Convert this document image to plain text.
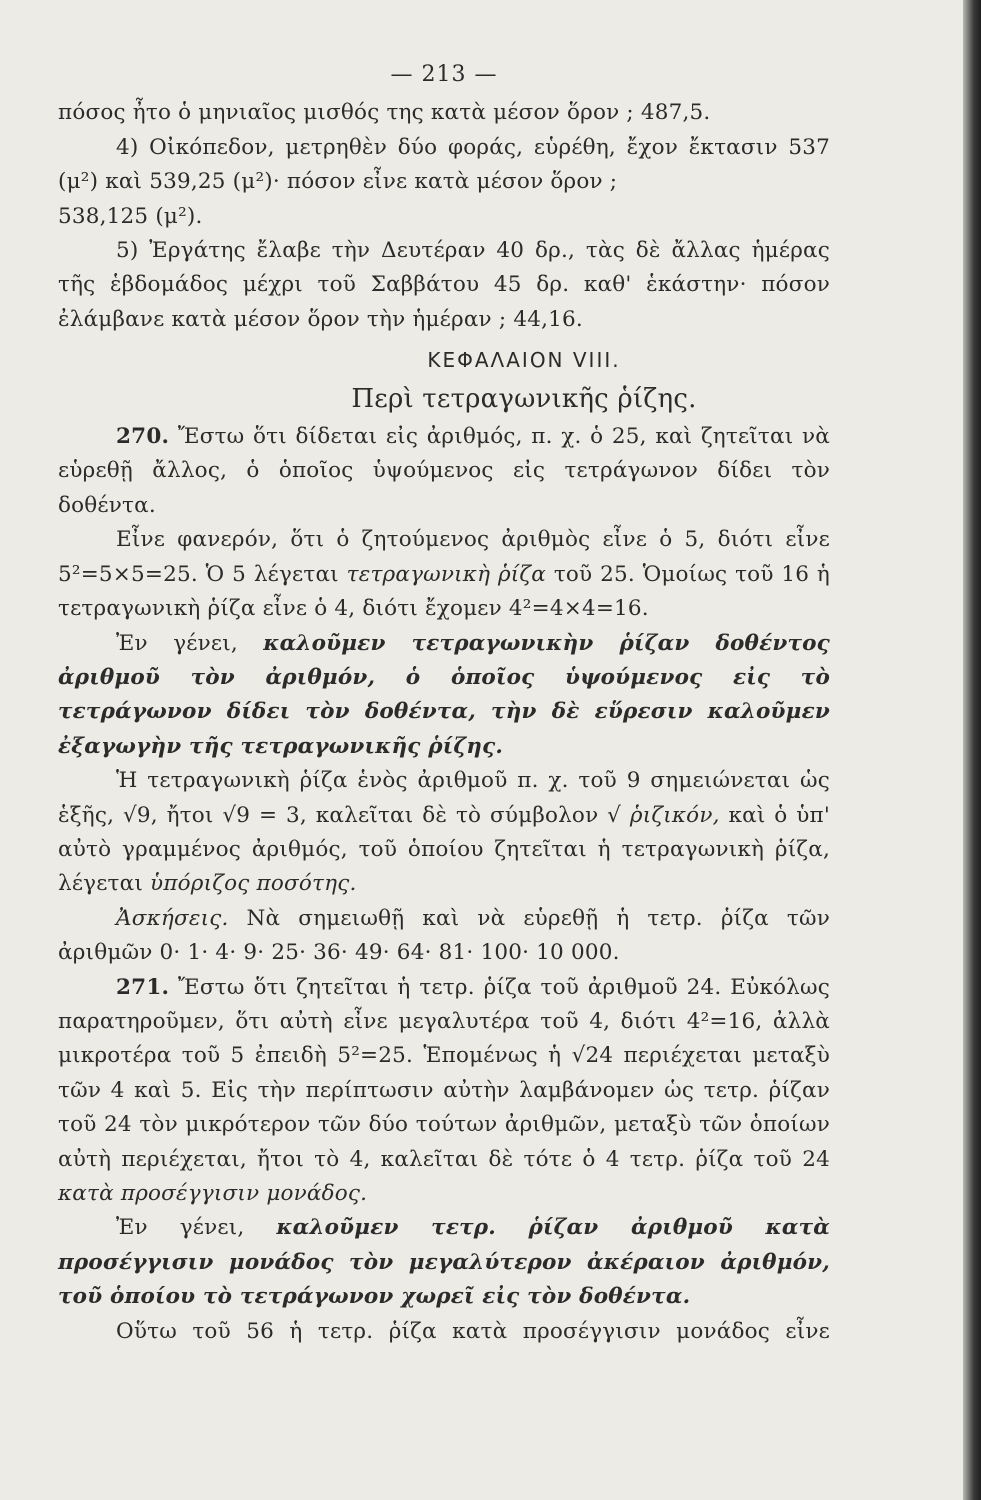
— 213 —

πόσος ἦτο ὁ μηνιαῖος μισθός της κατὰ μέσον ὅρον ; 487,5.

4) Οἰκόπεδον, μετρηθὲν δύο φοράς, εὑρέθη, ἔχον ἔκτασιν 537 (μ²) καὶ 539,25 (μ²)· πόσον εἶνε κατὰ μέσον ὅρον ;

538,125 (μ²).

5) Ἐργάτης ἔλαβε τὴν Δευτέραν 40 δρ., τὰς δὲ ἄλλας ἡμέρας τῆς ἑβδομάδος μέχρι τοῦ Σαββάτου 45 δρ. καθ' ἑκάστην· πόσον ἐλάμβανε κατὰ μέσον ὅρον τὴν ἡμέραν ; 44,16.

ΚΕΦΑΛΑΙΟΝ VIII.
Περὶ τετραγωνικῆς ῥίζης.

270. Ἔστω ὅτι δίδεται εἰς ἀριθμός, π. χ. ὁ 25, καὶ ζητεῖται νὰ εὑρεθῇ ἄλλος, ὁ ὁποῖος ὑψούμενος εἰς τετράγωνον δίδει τὸν δοθέντα.

Εἶνε φανερόν, ὅτι ὁ ζητούμενος ἀριθμὸς εἶνε ὁ 5, διότι εἶνε 5²=5×5=25. Ὁ 5 λέγεται τετραγωνικὴ ῥίζα τοῦ 25. Ὁμοίως τοῦ 16 ἡ τετραγωνικὴ ῥίζα εἶνε ὁ 4, διότι ἔχομεν 4²=4×4=16.

Ἐν γένει, καλοῦμεν τετραγωνικὴν ῥίζαν δοθέντος ἀριθμοῦ τὸν ἀριθμόν, ὁ ὁποῖος ὑψούμενος εἰς τὸ τετράγωνον δίδει τὸν δοθέντα, τὴν δὲ εὕρεσιν καλοῦμεν ἐξαγωγὴν τῆς τετραγωνικῆς ῥίζης.

Ἡ τετραγωνικὴ ῥίζα ἑνὸς ἀριθμοῦ π. χ. τοῦ 9 σημειώνεται ὡς ἑξῆς, √9, ἤτοι √9 = 3, καλεῖται δὲ τὸ σύμβολον √ ῥιζικόν, καὶ ὁ ὑπ' αὐτὸ γραμμένος ἀριθμός, τοῦ ὁποίου ζητεῖται ἡ τετραγωνικὴ ῥίζα, λέγεται ὑπόριζος ποσότης.

Ἀσκήσεις. Νὰ σημειωθῇ καὶ νὰ εὑρεθῇ ἡ τετρ. ῥίζα τῶν ἀριθμῶν 0· 1· 4· 9· 25· 36· 49· 64· 81· 100· 10 000.

271. Ἔστω ὅτι ζητεῖται ἡ τετρ. ῥίζα τοῦ ἀριθμοῦ 24. Εὐκόλως παρατηροῦμεν, ὅτι αὐτὴ εἶνε μεγαλυτέρα τοῦ 4, διότι 4²=16, ἀλλὰ μικροτέρα τοῦ 5 ἐπειδὴ 5²=25. Ἑπομένως ἡ √24 περιέχεται μεταξὺ τῶν 4 καὶ 5. Εἰς τὴν περίπτωσιν αὐτὴν λαμβάνομεν ὡς τετρ. ῥίζαν τοῦ 24 τὸν μικρότερον τῶν δύο τούτων ἀριθμῶν, μεταξὺ τῶν ὁποίων αὐτὴ περιέχεται, ἤτοι τὸ 4, καλεῖται δὲ τότε ὁ 4 τετρ. ῥίζα τοῦ 24 κατὰ προσέγγισιν μονάδος.

Ἐν γένει, καλοῦμεν τετρ. ῥίζαν ἀριθμοῦ κατὰ προσέγγισιν μονάδος τὸν μεγαλύτερον ἀκέραιον ἀριθμόν, τοῦ ὁποίου τὸ τετράγωνον χωρεῖ εἰς τὸν δοθέντα.

Οὕτω τοῦ 56 ἡ τετρ. ῥίζα κατὰ προσέγγισιν μονάδος εἶνε
